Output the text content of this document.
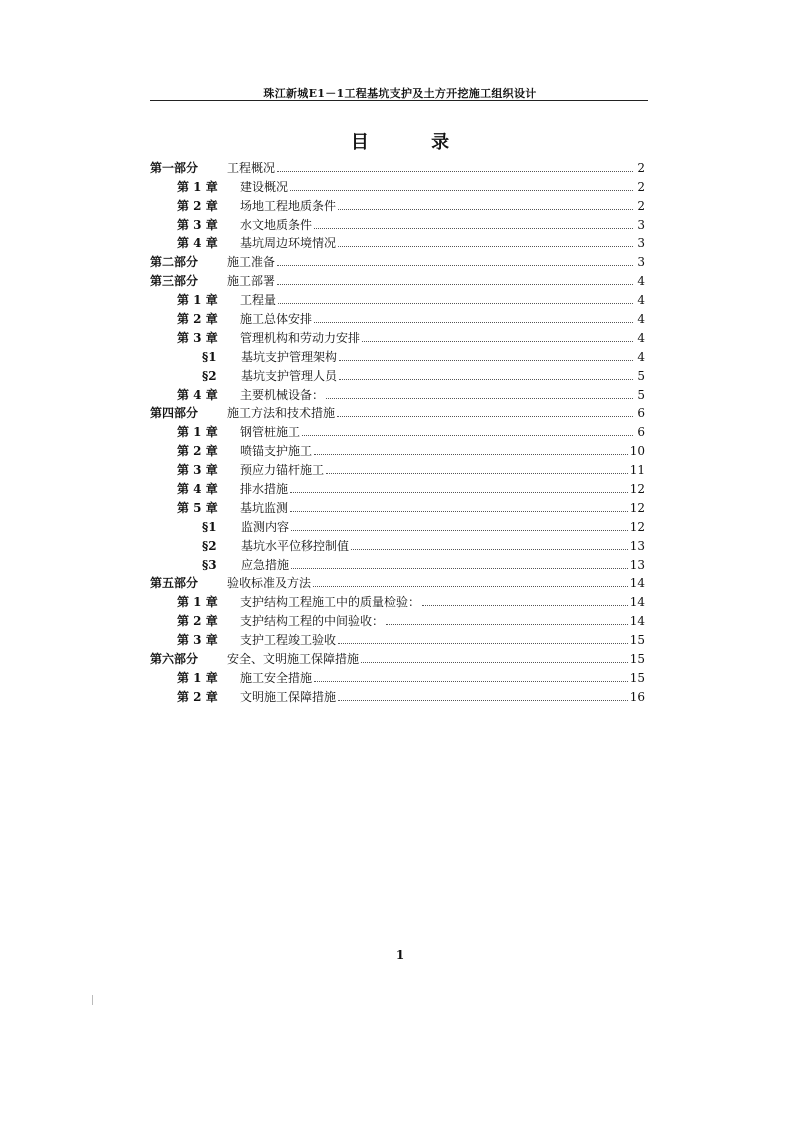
珠江新城E1－1工程基坑支护及土方开挖施工组织设计
目 录
第一部分	工程概况	2
第 1 章	建设概况	2
第 2 章	场地工程地质条件	2
第 3 章	水文地质条件	3
第 4 章	基坑周边环境情况	3
第二部分	施工准备	3
第三部分	施工部署	4
第 1 章	工程量	4
第 2 章	施工总体安排	4
第 3 章	管理机构和劳动力安排	4
§1	基坑支护管理架构	4
§2	基坑支护管理人员	5
第 4 章	主要机械设备：	5
第四部分	施工方法和技术措施	6
第 1 章	钢管桩施工	6
第 2 章	喷锚支护施工	10
第 3 章	预应力锚杆施工	11
第 4 章	排水措施	12
第 5 章	基坑监测	12
§1	监测内容	12
§2	基坑水平位移控制值	13
§3	应急措施	13
第五部分	验收标准及方法	14
第 1 章	支护结构工程施工中的质量检验：	14
第 2 章	支护结构工程的中间验收：	14
第 3 章	支护工程竣工验收	15
第六部分	安全、文明施工保障措施	15
第 1 章	施工安全措施	15
第 2 章	文明施工保障措施	16
1
